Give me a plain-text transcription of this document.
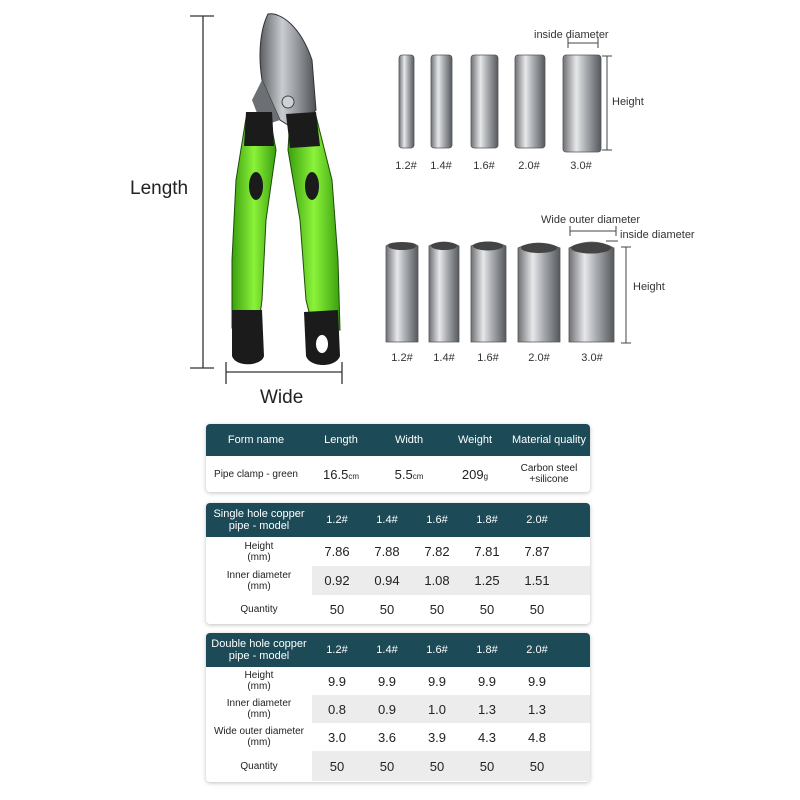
Length
Wide
inside diameter
Height
1.2#	1.4#	1.6#	2.0#	3.0#
Wide outer diameter
inside diameter
Height
1.2#	1.4#	1.6#	2.0#	3.0#
Form name	Length	Width	Weight	Material quality
Pipe clamp - green	16.5cm	5.5cm	209g
Carbon steel
+silicone
Single hole copper
pipe - model	1.2#	1.4#	1.6#	1.8#	2.0#
Height
(mm)	7.86	7.88	7.82	7.81	7.87
Inner diameter
(mm)	0.92	0.94	1.08	1.25	1.51
Quantity	50	50	50	50	50
Double hole copper
pipe - model	1.2#	1.4#	1.6#	1.8#	2.0#
Height
(mm)	9.9	9.9	9.9	9.9	9.9
Inner diameter
(mm)	0.8	0.9	1.0	1.3	1.3
Wide outer diameter
(mm)	3.0	3.6	3.9	4.3	4.8
Quantity	50	50	50	50	50
